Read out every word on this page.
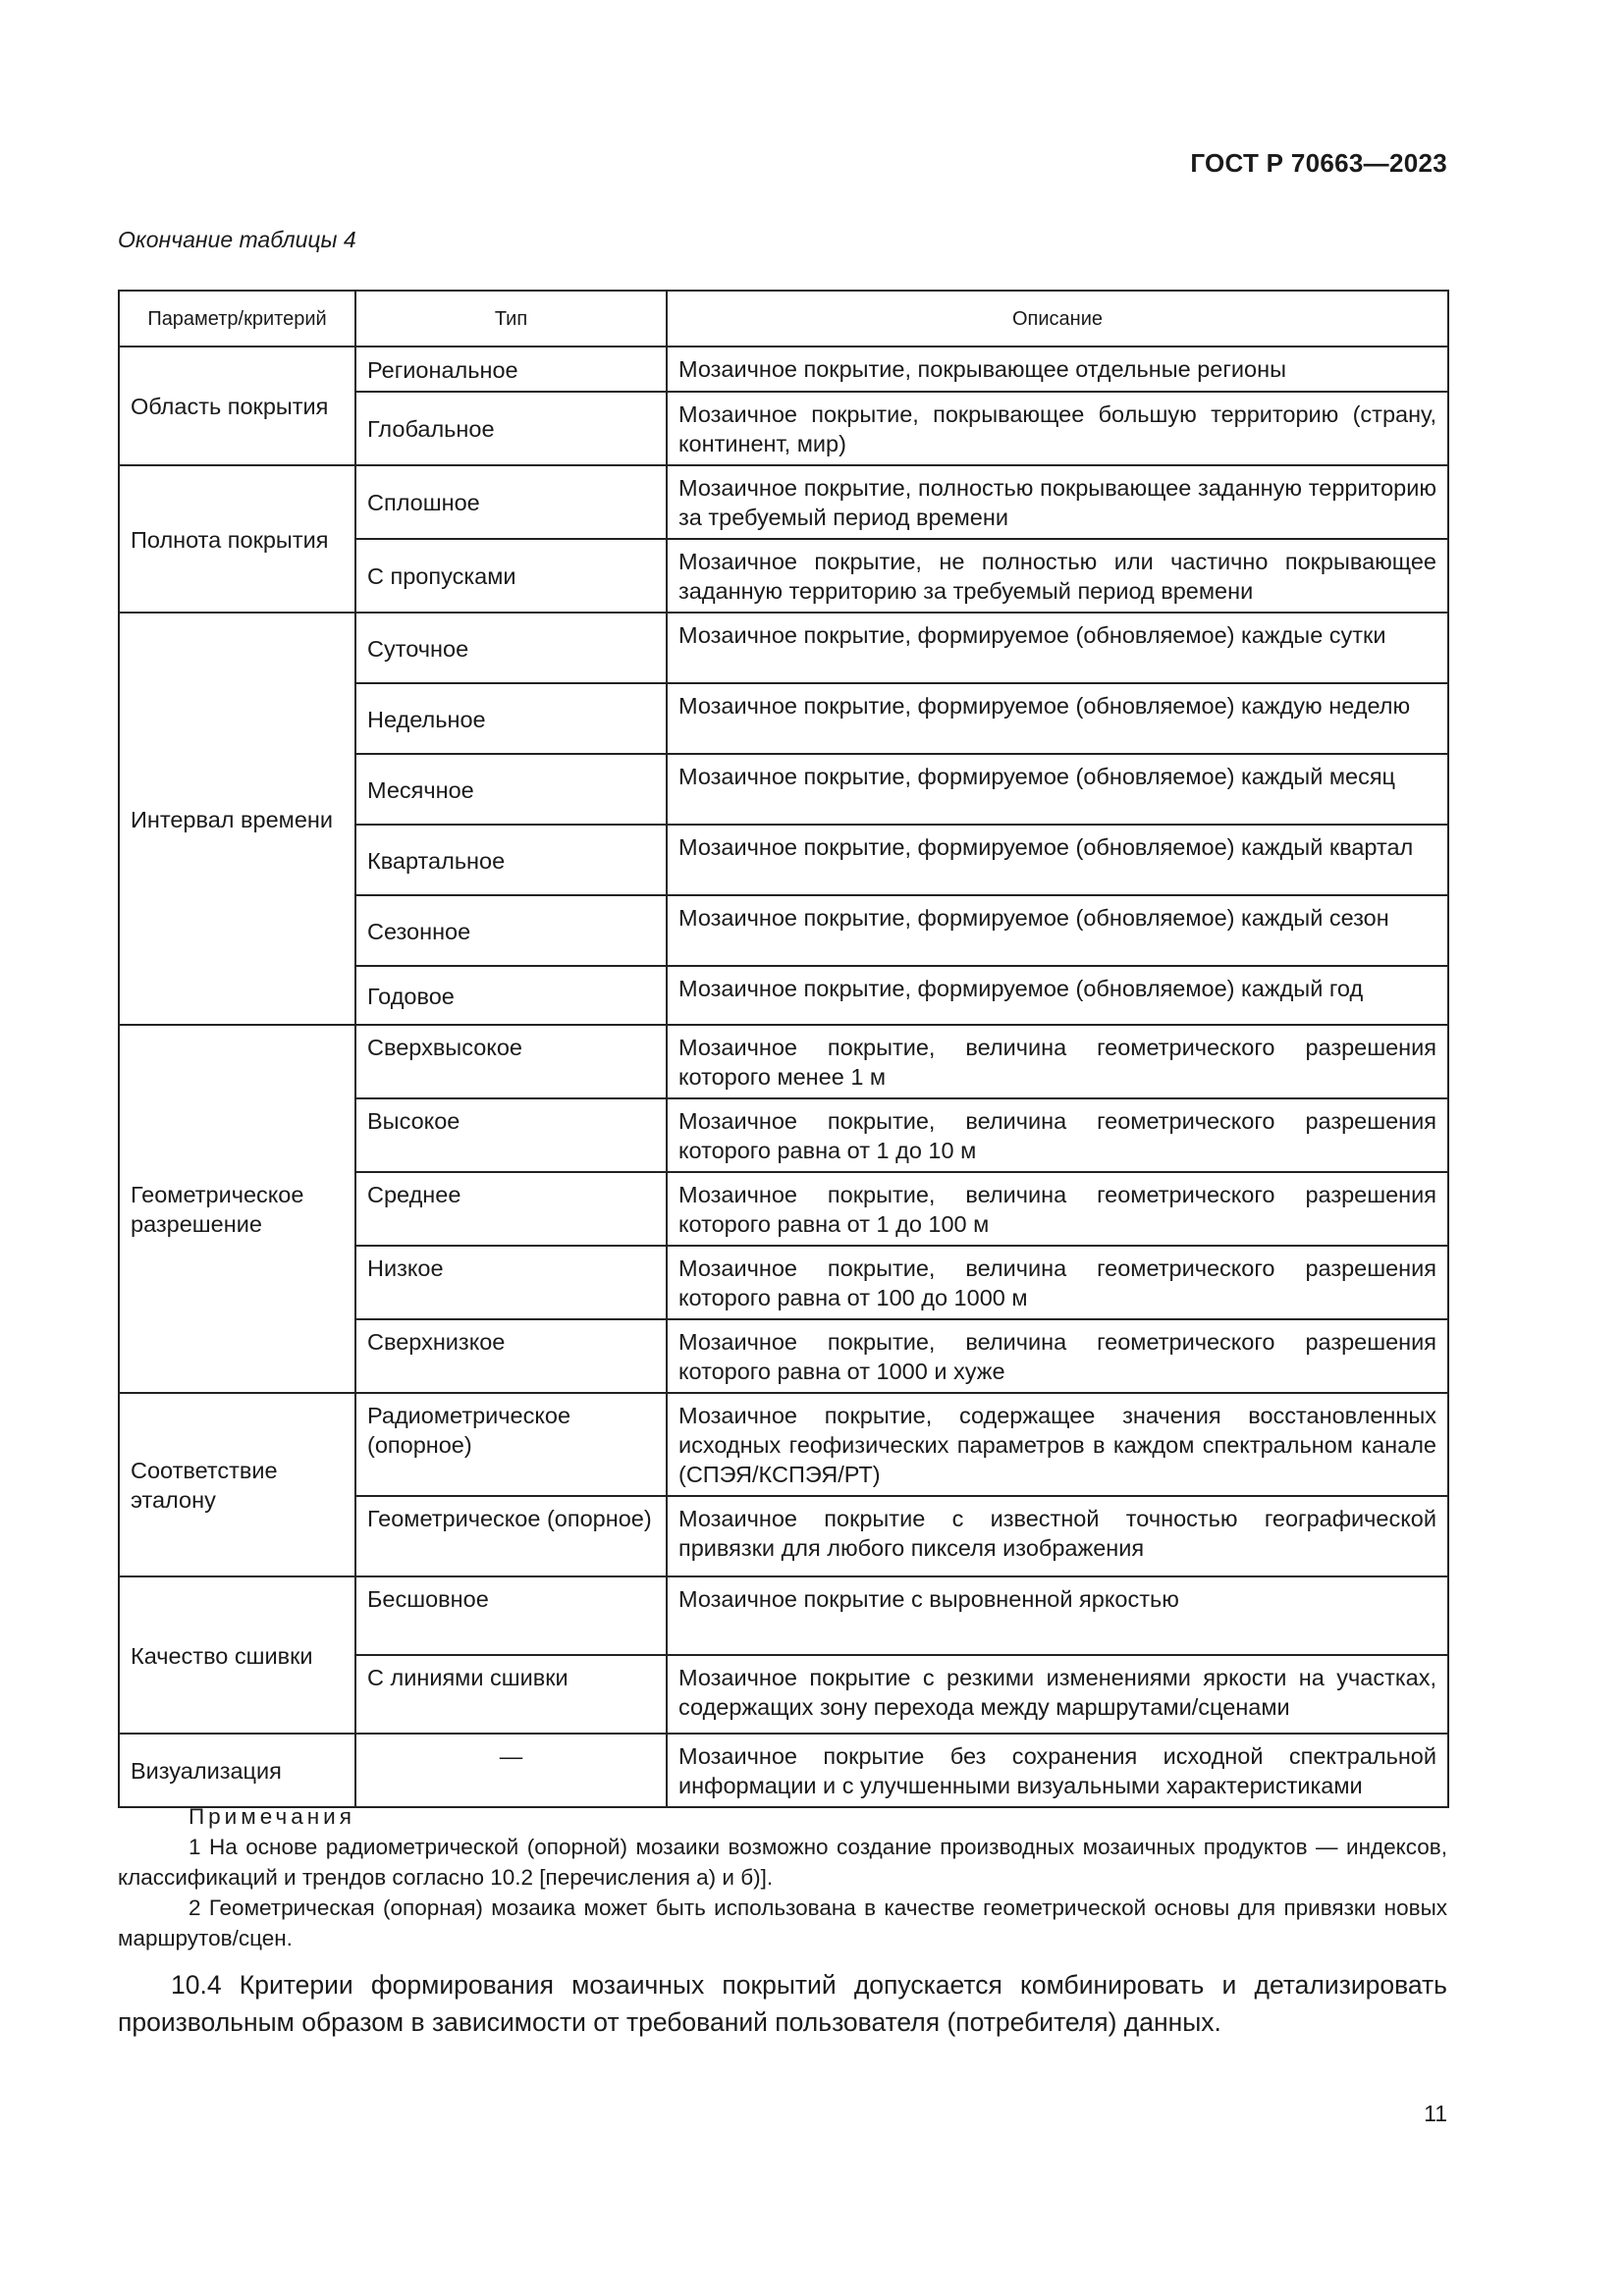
ГОСТ Р 70663—2023
Окончание таблицы 4
Параметр/критерий	Тип	Описание
Область покрытия	Региональное	Мозаичное покрытие, покрывающее отдельные регионы
	Глобальное	Мозаичное покрытие, покрывающее большую территорию (страну, континент, мир)
Полнота покрытия	Сплошное	Мозаичное покрытие, полностью покрывающее заданную территорию за требуемый период времени
	С пропусками	Мозаичное покрытие, не полностью или частично покрывающее заданную территорию за требуемый период времени
Интервал времени	Суточное	Мозаичное покрытие, формируемое (обновляемое) каждые сутки
	Недельное	Мозаичное покрытие, формируемое (обновляемое) каждую неделю
	Месячное	Мозаичное покрытие, формируемое (обновляемое) каждый месяц
	Квартальное	Мозаичное покрытие, формируемое (обновляемое) каждый квартал
	Сезонное	Мозаичное покрытие, формируемое (обновляемое) каждый сезон
	Годовое	Мозаичное покрытие, формируемое (обновляемое) каждый год
Геометрическое разрешение	Сверхвысокое	Мозаичное покрытие, величина геометрического разрешения которого менее 1 м
	Высокое	Мозаичное покрытие, величина геометрического разрешения которого равна от 1 до 10 м
	Среднее	Мозаичное покрытие, величина геометрического разрешения которого равна от 1 до 100 м
	Низкое	Мозаичное покрытие, величина геометрического разрешения которого равна от 100 до 1000 м
	Сверхнизкое	Мозаичное покрытие, величина геометрического разрешения которого равна от 1000 и хуже
Соответствие эталону	Радиометрическое (опорное)	Мозаичное покрытие, содержащее значения восстановленных исходных геофизических параметров в каждом спектральном канале (СПЭЯ/КСПЭЯ/РТ)
	Геометрическое (опорное)	Мозаичное покрытие с известной точностью географической привязки для любого пикселя изображения
Качество сшивки	Бесшовное	Мозаичное покрытие с выровненной яркостью
	С линиями сшивки	Мозаичное покрытие с резкими изменениями яркости на участках, содержащих зону перехода между маршрутами/сценами
Визуализация	—	Мозаичное покрытие без сохранения исходной спектральной информации и с улучшенными визуальными характеристиками
Примечания
1 На основе радиометрической (опорной) мозаики возможно создание производных мозаичных продуктов — индексов, классификаций и трендов согласно 10.2 [перечисления а) и б)].
2 Геометрическая (опорная) мозаика может быть использована в качестве геометрической основы для привязки новых маршрутов/сцен.
10.4 Критерии формирования мозаичных покрытий допускается комбинировать и детализировать произвольным образом в зависимости от требований пользователя (потребителя) данных.
11
